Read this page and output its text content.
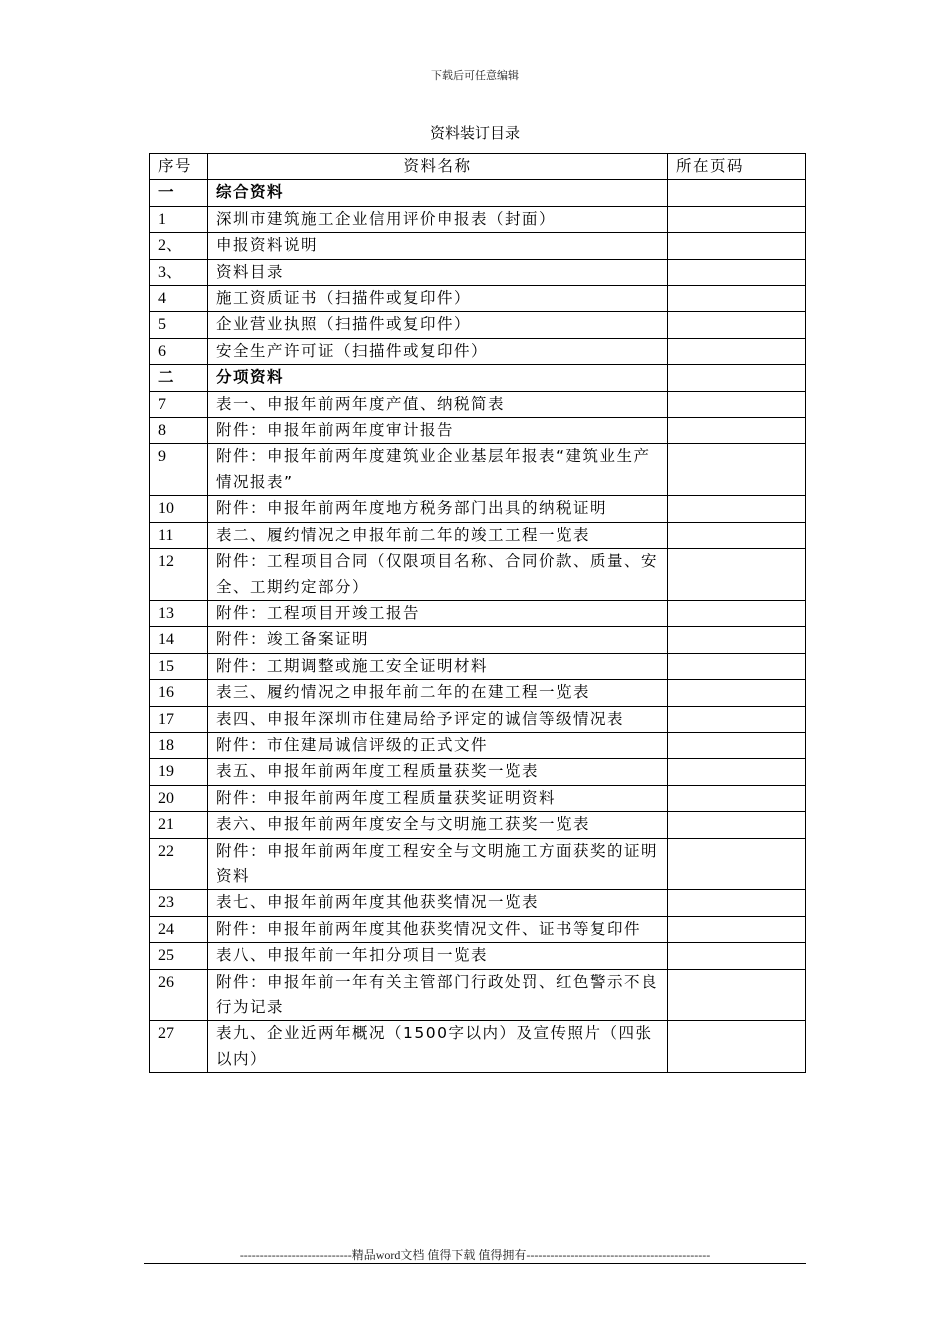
下载后可任意编辑
资料装订目录
序号	资料名称	所在页码
一	综合资料	
1	深圳市建筑施工企业信用评价申报表（封面）	
2、	申报资料说明	
3、	资料目录	
4	施工资质证书（扫描件或复印件）	
5	企业营业执照（扫描件或复印件）	
6	安全生产许可证（扫描件或复印件）	
二	分项资料	
7	表一、申报年前两年度产值、纳税简表	
8	附件：申报年前两年度审计报告	
9	附件：申报年前两年度建筑业企业基层年报表“建筑业生产情况报表”	
10	附件：申报年前两年度地方税务部门出具的纳税证明	
11	表二、履约情况之申报年前二年的竣工工程一览表	
12	附件：工程项目合同（仅限项目名称、合同价款、质量、安全、工期约定部分）	
13	附件：工程项目开竣工报告	
14	附件：竣工备案证明	
15	附件：工期调整或施工安全证明材料	
16	表三、履约情况之申报年前二年的在建工程一览表	
17	表四、申报年深圳市住建局给予评定的诚信等级情况表	
18	附件：市住建局诚信评级的正式文件	
19	表五、申报年前两年度工程质量获奖一览表	
20	附件：申报年前两年度工程质量获奖证明资料	
21	表六、申报年前两年度安全与文明施工获奖一览表	
22	附件：申报年前两年度工程安全与文明施工方面获奖的证明资料	
23	表七、申报年前两年度其他获奖情况一览表	
24	附件：申报年前两年度其他获奖情况文件、证书等复印件	
25	表八、申报年前一年扣分项目一览表	
26	附件：申报年前一年有关主管部门行政处罚、红色警示不良行为记录	
27	表九、企业近两年概况（1500字以内）及宣传照片（四张以内）	
----------------------------精品word文档 值得下载 值得拥有----------------------------------------------
